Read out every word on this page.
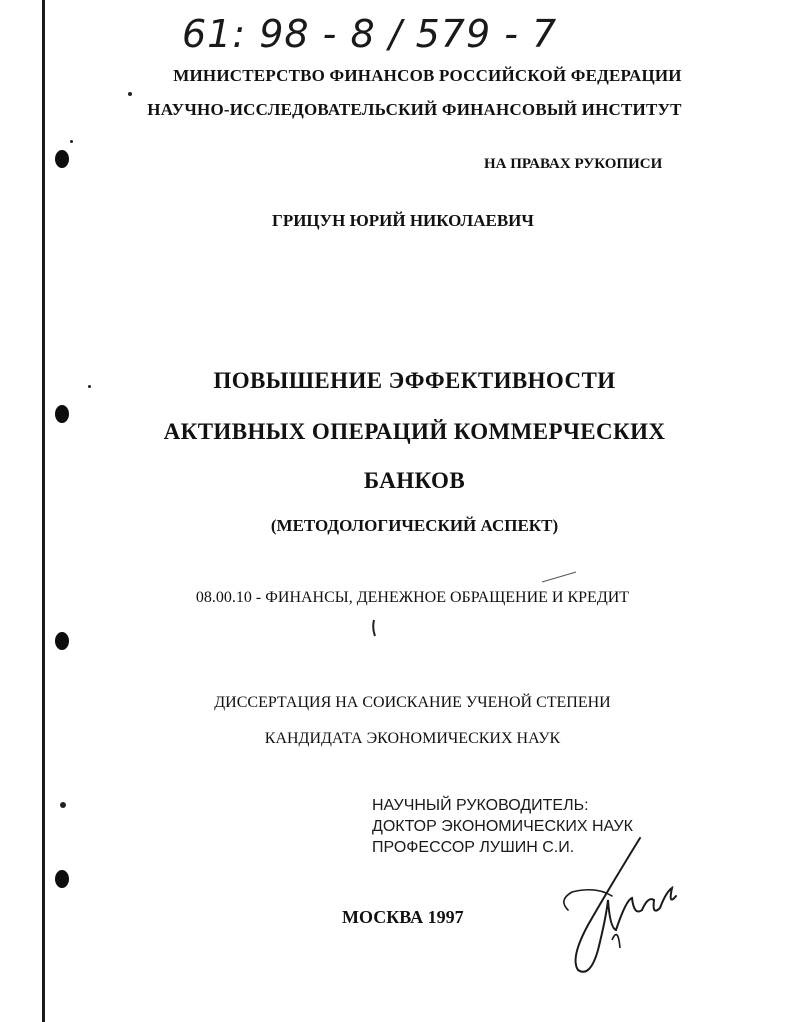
61: 98 - 8 / 579 - 7
МИНИСТЕРСТВО ФИНАНСОВ РОССИЙСКОЙ ФЕДЕРАЦИИ
НАУЧНО-ИССЛЕДОВАТЕЛЬСКИЙ ФИНАНСОВЫЙ ИНСТИТУТ
НА ПРАВАХ РУКОПИСИ
ГРИЦУН ЮРИЙ НИКОЛАЕВИЧ
ПОВЫШЕНИЕ ЭФФЕКТИВНОСТИ
АКТИВНЫХ ОПЕРАЦИЙ КОММЕРЧЕСКИХ
БАНКОВ
(МЕТОДОЛОГИЧЕСКИЙ АСПЕКТ)
08.00.10 - ФИНАНСЫ, ДЕНЕЖНОЕ ОБРАЩЕНИЕ И КРЕДИТ
ДИССЕРТАЦИЯ НА СОИСКАНИЕ УЧЕНОЙ СТЕПЕНИ
КАНДИДАТА ЭКОНОМИЧЕСКИХ НАУК
НАУЧНЫЙ РУКОВОДИТЕЛЬ:
ДОКТОР ЭКОНОМИЧЕСКИХ НАУК
ПРОФЕССОР ЛУШИН С.И.
МОСКВА 1997
